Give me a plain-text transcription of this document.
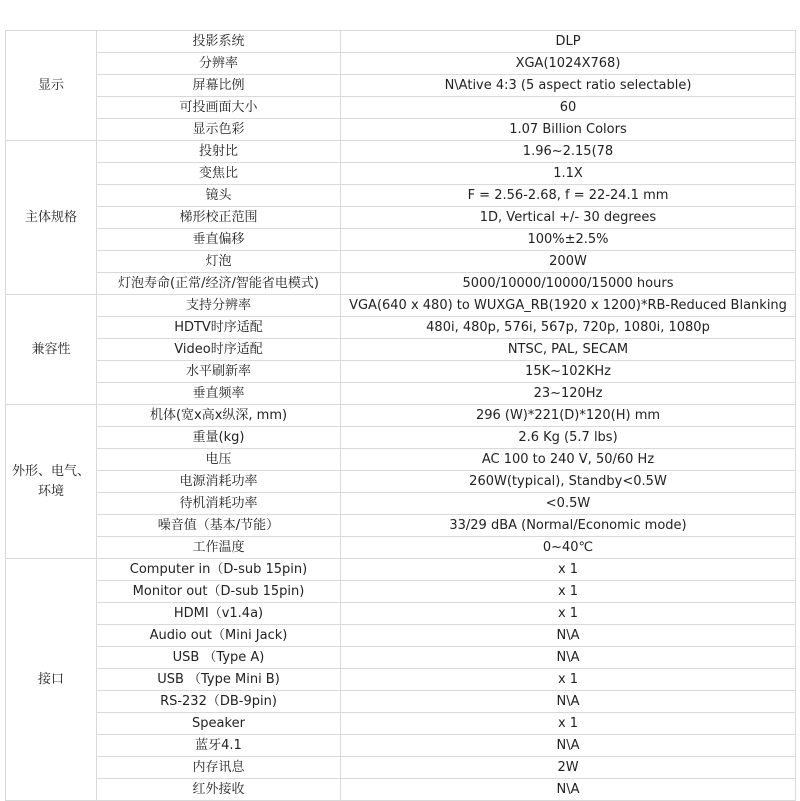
显示	投影系统	DLP
	分辨率	XGA(1024X768)
	屏幕比例	N\Ative 4:3 (5 aspect ratio selectable)
	可投画面大小	60
	显示色彩	1.07 Billion Colors
主体规格	投射比	1.96~2.15(78
	变焦比	1.1X
	镜头	F = 2.56-2.68, f = 22-24.1 mm
	梯形校正范围	1D, Vertical +/- 30 degrees
	垂直偏移	100%±2.5%
	灯泡	200W
	灯泡寿命(正常/经济/智能省电模式)	5000/10000/10000/15000 hours
兼容性	支持分辨率	VGA(640 x 480) to WUXGA_RB(1920 x 1200)*RB-Reduced Blanking
	HDTV时序适配	480i, 480p, 576i, 567p, 720p, 1080i, 1080p
	Video时序适配	NTSC, PAL, SECAM
	水平刷新率	15K~102KHz
	垂直频率	23~120Hz
外形、电气、环境	机体(宽x高x纵深, mm)	296 (W)*221(D)*120(H) mm
	重量(kg)	2.6 Kg (5.7 lbs)
	电压	AC 100 to 240 V, 50/60 Hz
	电源消耗功率	260W(typical), Standby<0.5W
	待机消耗功率	<0.5W
	噪音值（基本/节能）	33/29 dBA (Normal/Economic mode)
	工作温度	0~40℃
接口	Computer in（D-sub 15pin)	x 1
	Monitor out（D-sub 15pin)	x 1
	HDMI（v1.4a)	x 1
	Audio out（Mini Jack)	N\A
	USB （Type A)	N\A
	USB （Type Mini B)	x 1
	RS-232（DB-9pin)	N\A
	Speaker	x 1
	蓝牙4.1	N\A
	内存讯息	2W
	红外接收	N\A
